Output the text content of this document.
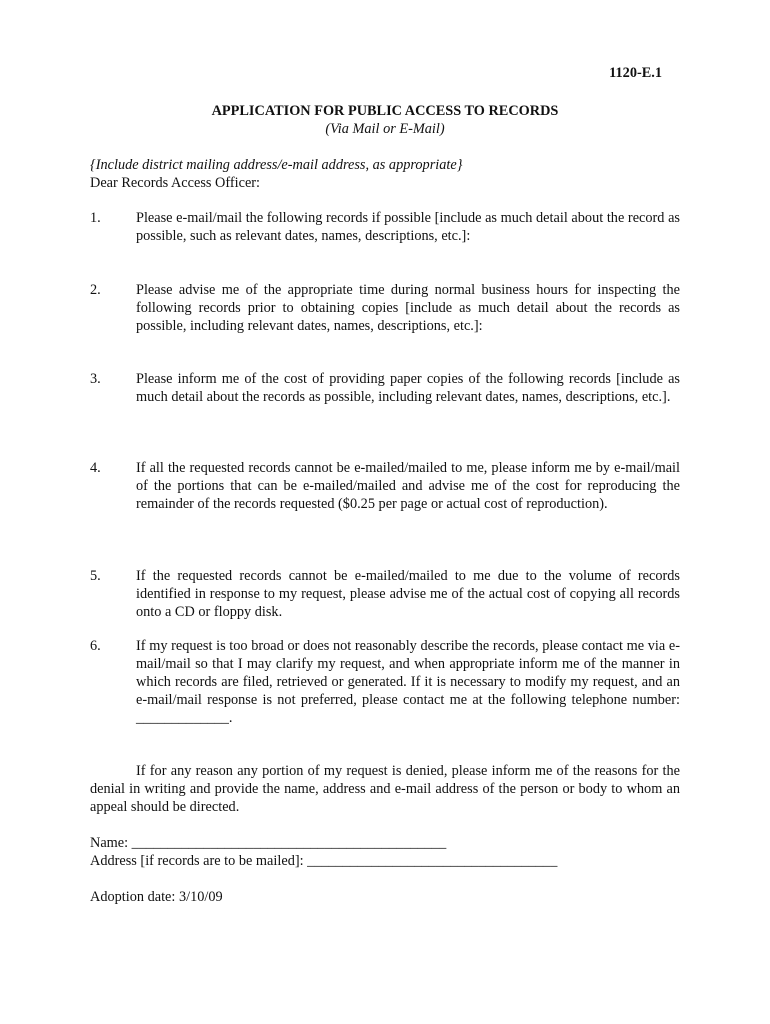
1120-E.1
APPLICATION FOR PUBLIC ACCESS TO RECORDS
(Via Mail or E-Mail)
{Include district mailing address/e-mail address, as appropriate}
Dear Records Access Officer:
1. Please e-mail/mail the following records if possible [include as much detail about the record as possible, such as relevant dates, names, descriptions, etc.]:
2. Please advise me of the appropriate time during normal business hours for inspecting the following records prior to obtaining copies [include as much detail about the records as possible, including relevant dates, names, descriptions, etc.]:
3. Please inform me of the cost of providing paper copies of the following records [include as much detail about the records as possible, including relevant dates, names, descriptions, etc.].
4. If all the requested records cannot be e-mailed/mailed to me, please inform me by e-mail/mail of the portions that can be e-mailed/mailed and advise me of the cost for reproducing the remainder of the records requested ($0.25 per page or actual cost of reproduction).
5. If the requested records cannot be e-mailed/mailed to me due to the volume of records identified in response to my request, please advise me of the actual cost of copying all records onto a CD or floppy disk.
6. If my request is too broad or does not reasonably describe the records, please contact me via e-mail/mail so that I may clarify my request, and when appropriate inform me of the manner in which records are filed, retrieved or generated. If it is necessary to modify my request, and an e-mail/mail response is not preferred, please contact me at the following telephone number: _____________.
If for any reason any portion of my request is denied, please inform me of the reasons for the denial in writing and provide the name, address and e-mail address of the person or body to whom an appeal should be directed.
Name: ____________________________________________
Address [if records are to be mailed]: ___________________________________
Adoption date: 3/10/09
